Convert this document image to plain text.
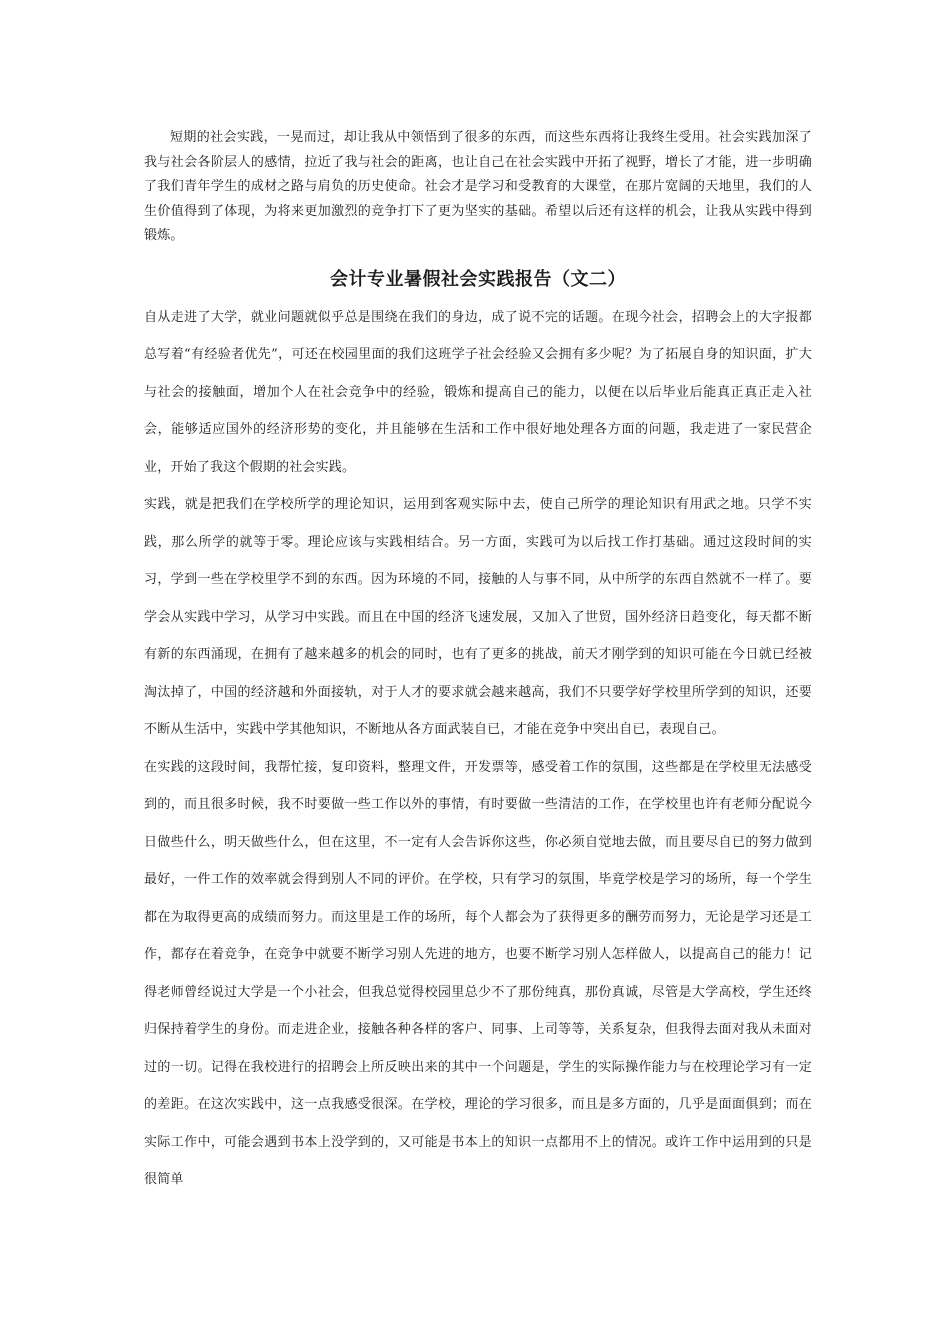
短期的社会实践，一晃而过，却让我从中领悟到了很多的东西，而这些东西将让我终生受用。社会实践加深了我与社会各阶层人的感情，拉近了我与社会的距离，也让自己在社会实践中开拓了视野，增长了才能，进一步明确了我们青年学生的成材之路与肩负的历史使命。社会才是学习和受教育的大课堂，在那片宽阔的天地里，我们的人生价值得到了体现，为将来更加激烈的竞争打下了更为坚实的基础。希望以后还有这样的机会，让我从实践中得到锻炼。

会计专业暑假社会实践报告（文二）

自从走进了大学，就业问题就似乎总是围绕在我们的身边，成了说不完的话题。在现今社会，招聘会上的大字报都总写着“有经验者优先”，可还在校园里面的我们这班学子社会经验又会拥有多少呢？为了拓展自身的知识面，扩大与社会的接触面，增加个人在社会竞争中的经验，锻炼和提高自己的能力，以便在以后毕业后能真正真正走入社会，能够适应国外的经济形势的变化，并且能够在生活和工作中很好地处理各方面的问题，我走进了一家民营企业，开始了我这个假期的社会实践。

实践，就是把我们在学校所学的理论知识，运用到客观实际中去，使自己所学的理论知识有用武之地。只学不实践，那么所学的就等于零。理论应该与实践相结合。另一方面，实践可为以后找工作打基础。通过这段时间的实习，学到一些在学校里学不到的东西。因为环境的不同，接触的人与事不同，从中所学的东西自然就不一样了。要学会从实践中学习，从学习中实践。而且在中国的经济飞速发展，又加入了世贸，国外经济日趋变化，每天都不断有新的东西涌现，在拥有了越来越多的机会的同时，也有了更多的挑战，前天才刚学到的知识可能在今日就已经被淘汰掉了，中国的经济越和外面接轨，对于人才的要求就会越来越高，我们不只要学好学校里所学到的知识，还要不断从生活中，实践中学其他知识，不断地从各方面武装自已，才能在竞争中突出自已，表现自己。

在实践的这段时间，我帮忙接，复印资料，整理文件，开发票等，感受着工作的氛围，这些都是在学校里无法感受到的，而且很多时候，我不时要做一些工作以外的事情，有时要做一些清洁的工作，在学校里也许有老师分配说今日做些什么，明天做些什么，但在这里，不一定有人会告诉你这些，你必须自觉地去做，而且要尽自已的努力做到最好，一件工作的效率就会得到别人不同的评价。在学校，只有学习的氛围，毕竟学校是学习的场所，每一个学生都在为取得更高的成绩而努力。而这里是工作的场所，每个人都会为了获得更多的酬劳而努力，无论是学习还是工作，都存在着竞争，在竞争中就要不断学习别人先进的地方，也要不断学习别人怎样做人，以提高自己的能力！记得老师曾经说过大学是一个小社会，但我总觉得校园里总少不了那份纯真，那份真诚，尽管是大学高校，学生还终归保持着学生的身份。而走进企业，接触各种各样的客户、同事、上司等等，关系复杂，但我得去面对我从未面对过的一切。记得在我校进行的招聘会上所反映出来的其中一个问题是，学生的实际操作能力与在校理论学习有一定的差距。在这次实践中，这一点我感受很深。在学校，理论的学习很多，而且是多方面的，几乎是面面俱到；而在实际工作中，可能会遇到书本上没学到的，又可能是书本上的知识一点都用不上的情况。或许工作中运用到的只是很简单
